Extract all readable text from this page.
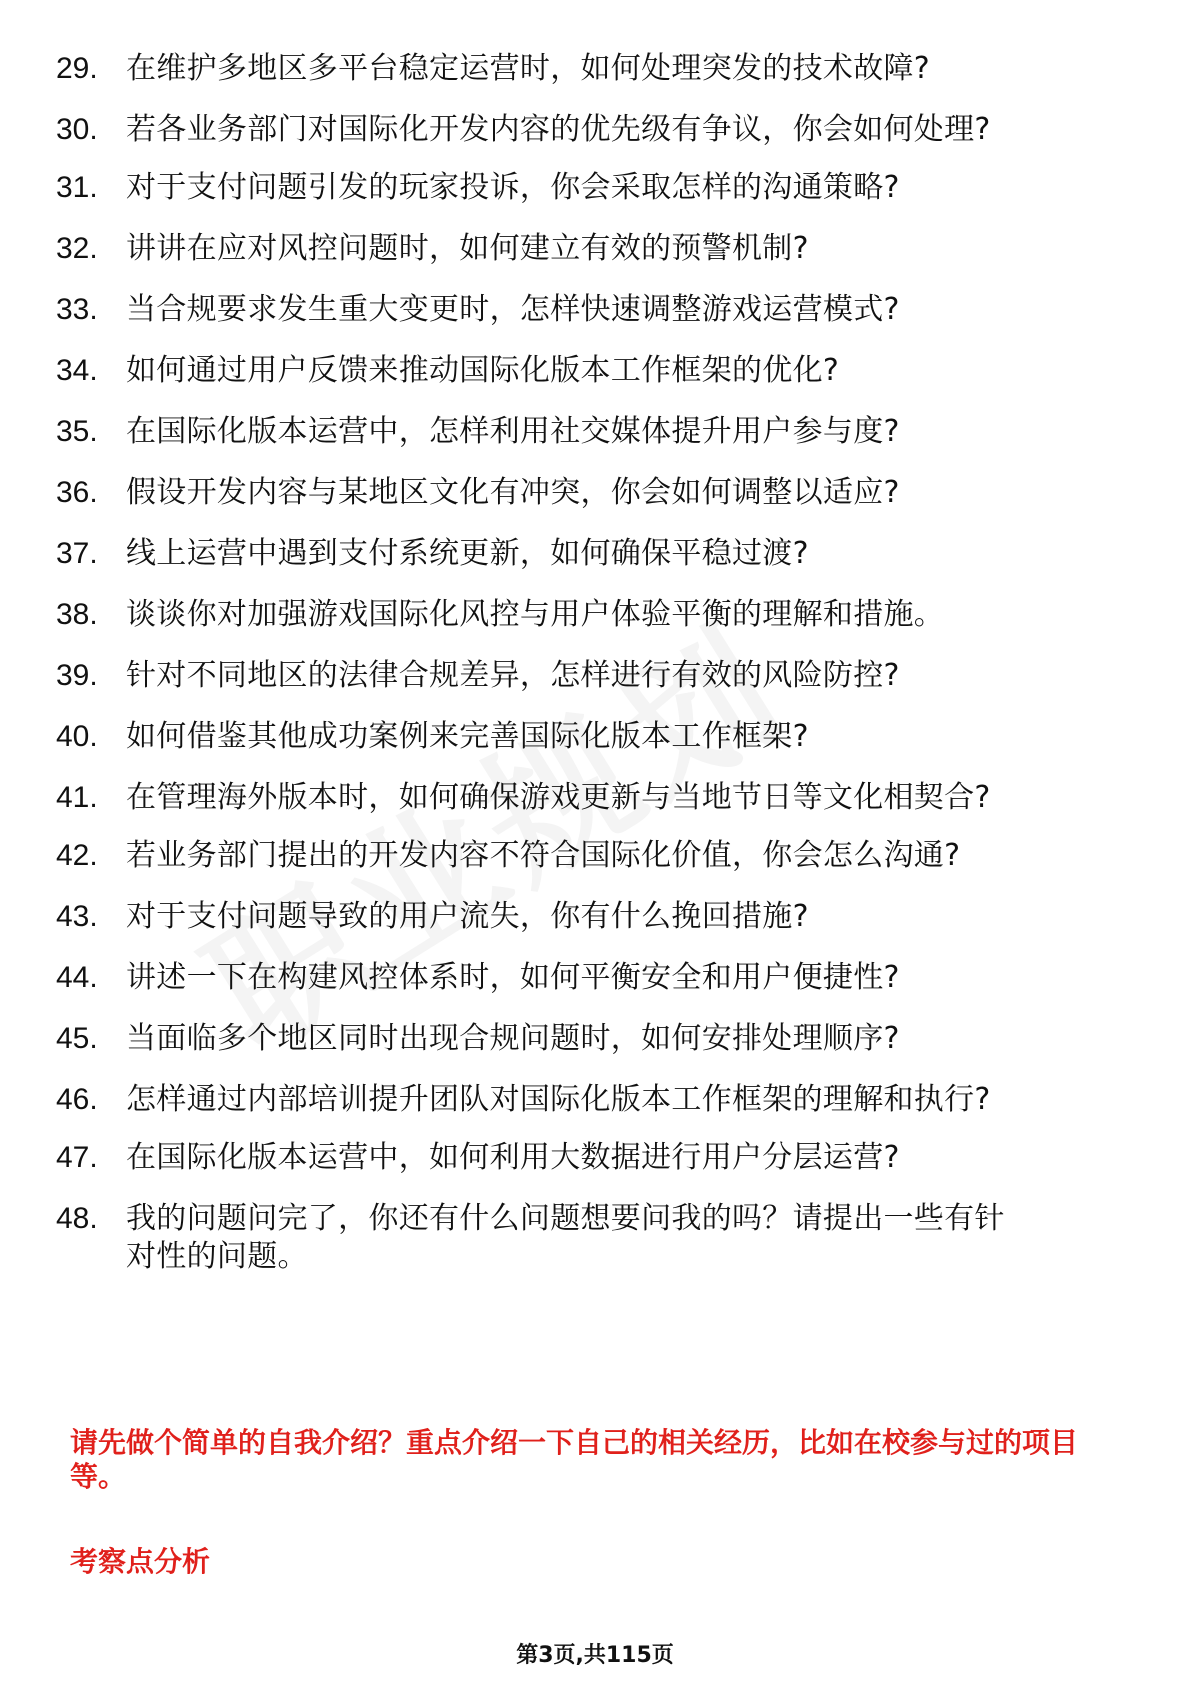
29. 在维护多地区多平台稳定运营时，如何处理突发的技术故障?
30. 若各业务部门对国际化开发内容的优先级有争议，你会如何处理?
31. 对于支付问题引发的玩家投诉，你会采取怎样的沟通策略?
32. 讲讲在应对风控问题时，如何建立有效的预警机制?
33. 当合规要求发生重大变更时，怎样快速调整游戏运营模式?
34. 如何通过用户反馈来推动国际化版本工作框架的优化?
35. 在国际化版本运营中，怎样利用社交媒体提升用户参与度?
36. 假设开发内容与某地区文化有冲突，你会如何调整以适应?
37. 线上运营中遇到支付系统更新，如何确保平稳过渡?
38. 谈谈你对加强游戏国际化风控与用户体验平衡的理解和措施。
39. 针对不同地区的法律合规差异，怎样进行有效的风险防控?
40. 如何借鉴其他成功案例来完善国际化版本工作框架?
41. 在管理海外版本时，如何确保游戏更新与当地节日等文化相契合?
42. 若业务部门提出的开发内容不符合国际化价值，你会怎么沟通?
43. 对于支付问题导致的用户流失，你有什么挽回措施?
44. 讲述一下在构建风控体系时，如何平衡安全和用户便捷性?
45. 当面临多个地区同时出现合规问题时，如何安排处理顺序?
46. 怎样通过内部培训提升团队对国际化版本工作框架的理解和执行?
47. 在国际化版本运营中，如何利用大数据进行用户分层运营?
48. 我的问题问完了，你还有什么问题想要问我的吗？请提出一些有针对性的问题。
请先做个简单的自我介绍？重点介绍一下自己的相关经历，比如在校参与过的项目等。
考察点分析
第3页,共115页
